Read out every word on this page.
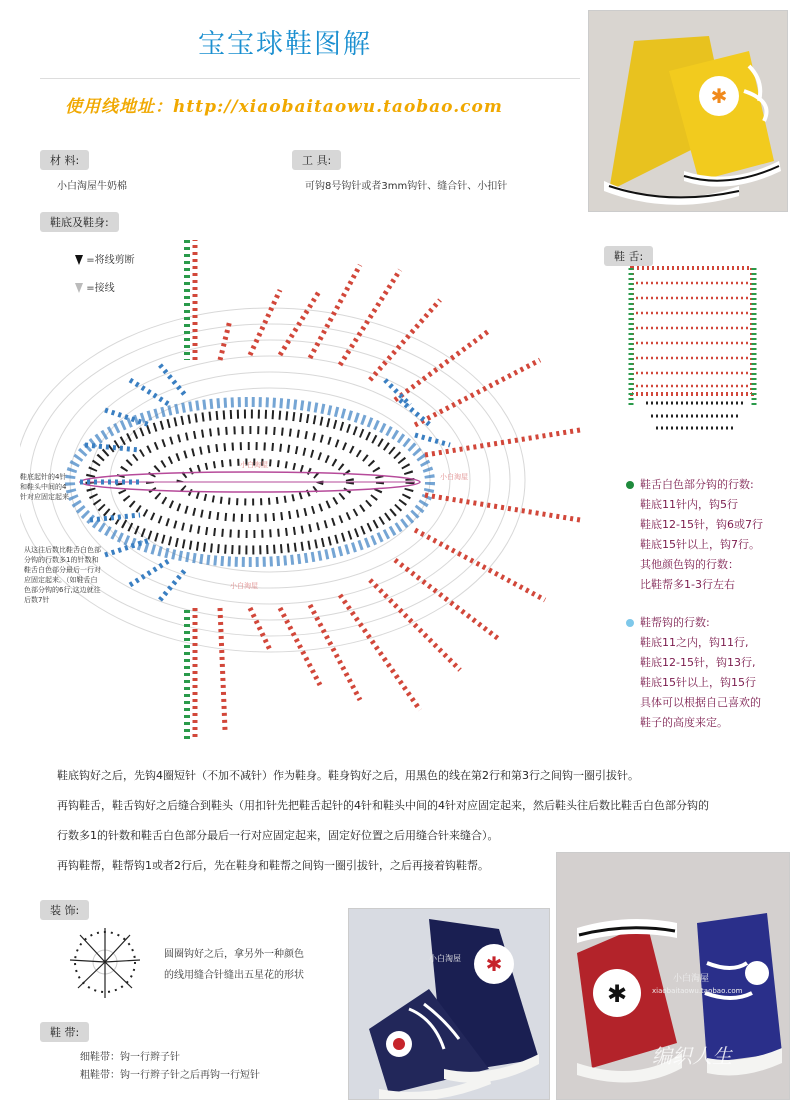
宝宝球鞋图解
使用线地址：http://xiaobaitaowu.taobao.com	✱
材 料:
小白淘屋牛奶棉
工 具:
可钩8号钩针或者3mm钩针、缝合针、小扣针
鞋底及鞋身:
=将线剪断
=接线
小白淘屋
小白淘屋
小白淘屋
鞋底起针的4针和鞋头中间的4针对应固定起来
从这往后数比鞋舌白色部分钩的行数多1的针数和鞋舌白色部分最后一行对应固定起来。（如鞋舌白色部分钩的6行,这边就往后数7针
鞋 舌:
鞋舌白色部分钩的行数:
鞋底11针内，钩5行
鞋底12-15针，钩6或7行
鞋底15针以上，钩7行。
其他颜色钩的行数：
比鞋帮多1-3行左右
鞋帮钩的行数:
鞋底11之内，钩11行,
鞋底12-15针，钩13行,
鞋底15针以上，钩15行
具体可以根据自己喜欢的
鞋子的高度来定。
鞋底钩好之后，先钩4圈短针（不加不减针）作为鞋身。鞋身钩好之后，用黑色的线在第2行和第3行之间钩一圈引拔针。
再钩鞋舌，鞋舌钩好之后缝合到鞋头（用扣针先把鞋舌起针的4针和鞋头中间的4针对应固定起来，然后鞋头往后数比鞋舌白色部分钩的
行数多1的针数和鞋舌白色部分最后一行对应固定起来，固定好位置之后用缝合针来缝合）。
再钩鞋帮，鞋帮钩1或者2行后，先在鞋身和鞋帮之间钩一圈引拔针，之后再接着钩鞋帮。
装 饰:
圆圈钩好之后，拿另外一种颜色
的线用缝合针缝出五星花的形状
鞋 带:
细鞋带：钩一行辫子针
粗鞋带：钩一行辫子针之后再钩一行短针
✱
小白淘屋
✱
小白淘屋
xiaobaitaowu.taobao.com
编织人生
